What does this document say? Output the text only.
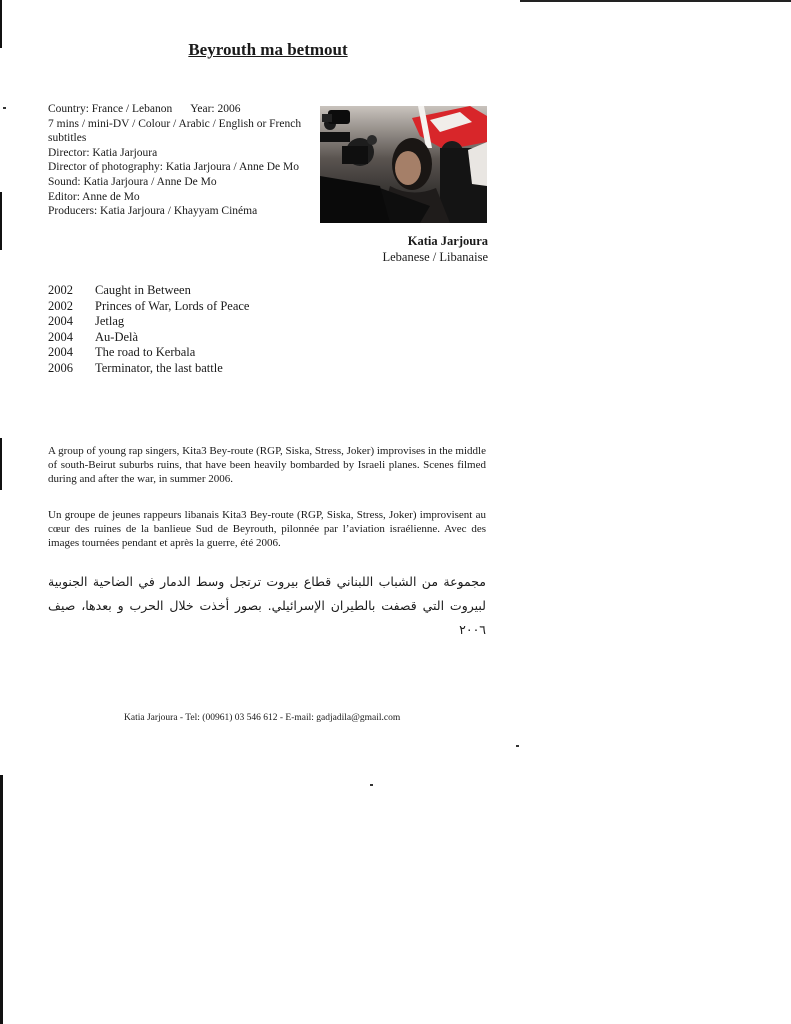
Beyrouth ma betmout
Country: France / Lebanon Year: 2006
7 mins / mini-DV / Colour / Arabic / English or French
subtitles
Director: Katia Jarjoura
Director of photography: Katia Jarjoura / Anne De Mo
Sound: Katia Jarjoura / Anne De Mo
Editor: Anne de Mo
Producers: Katia Jarjoura / Khayyam Cinéma
Katia Jarjoura
Lebanese / Libanaise
2002 Caught in Between
2002 Princes of War, Lords of Peace
2004 Jetlag
2004 Au-Delà
2004 The road to Kerbala
2006 Terminator, the last battle
A group of young rap singers, Kita3 Bey-route (RGP, Siska, Stress, Joker) improvises in the middle of south-Beirut suburbs ruins, that have been heavily bombarded by Israeli planes. Scenes filmed during and after the war, in summer 2006.
Un groupe de jeunes rappeurs libanais Kita3 Bey-route (RGP, Siska, Stress, Joker) improvisent au cœur des ruines de la banlieue Sud de Beyrouth, pilonnée par l’aviation israélienne. Avec des images tournées pendant et après la guerre, été 2006.
مجموعة من الشباب اللبناني قطاع بيروت ترتجل وسط الدمار في الضاحية الجنوبية لبيروت التي قصفت بالطيران الإسرائيلي. بصور أخذت خلال الحرب و بعدها، صيف ٢٠٠٦
Katia Jarjoura - Tel: (00961) 03 546 612 - E-mail: gadjadila@gmail.com
